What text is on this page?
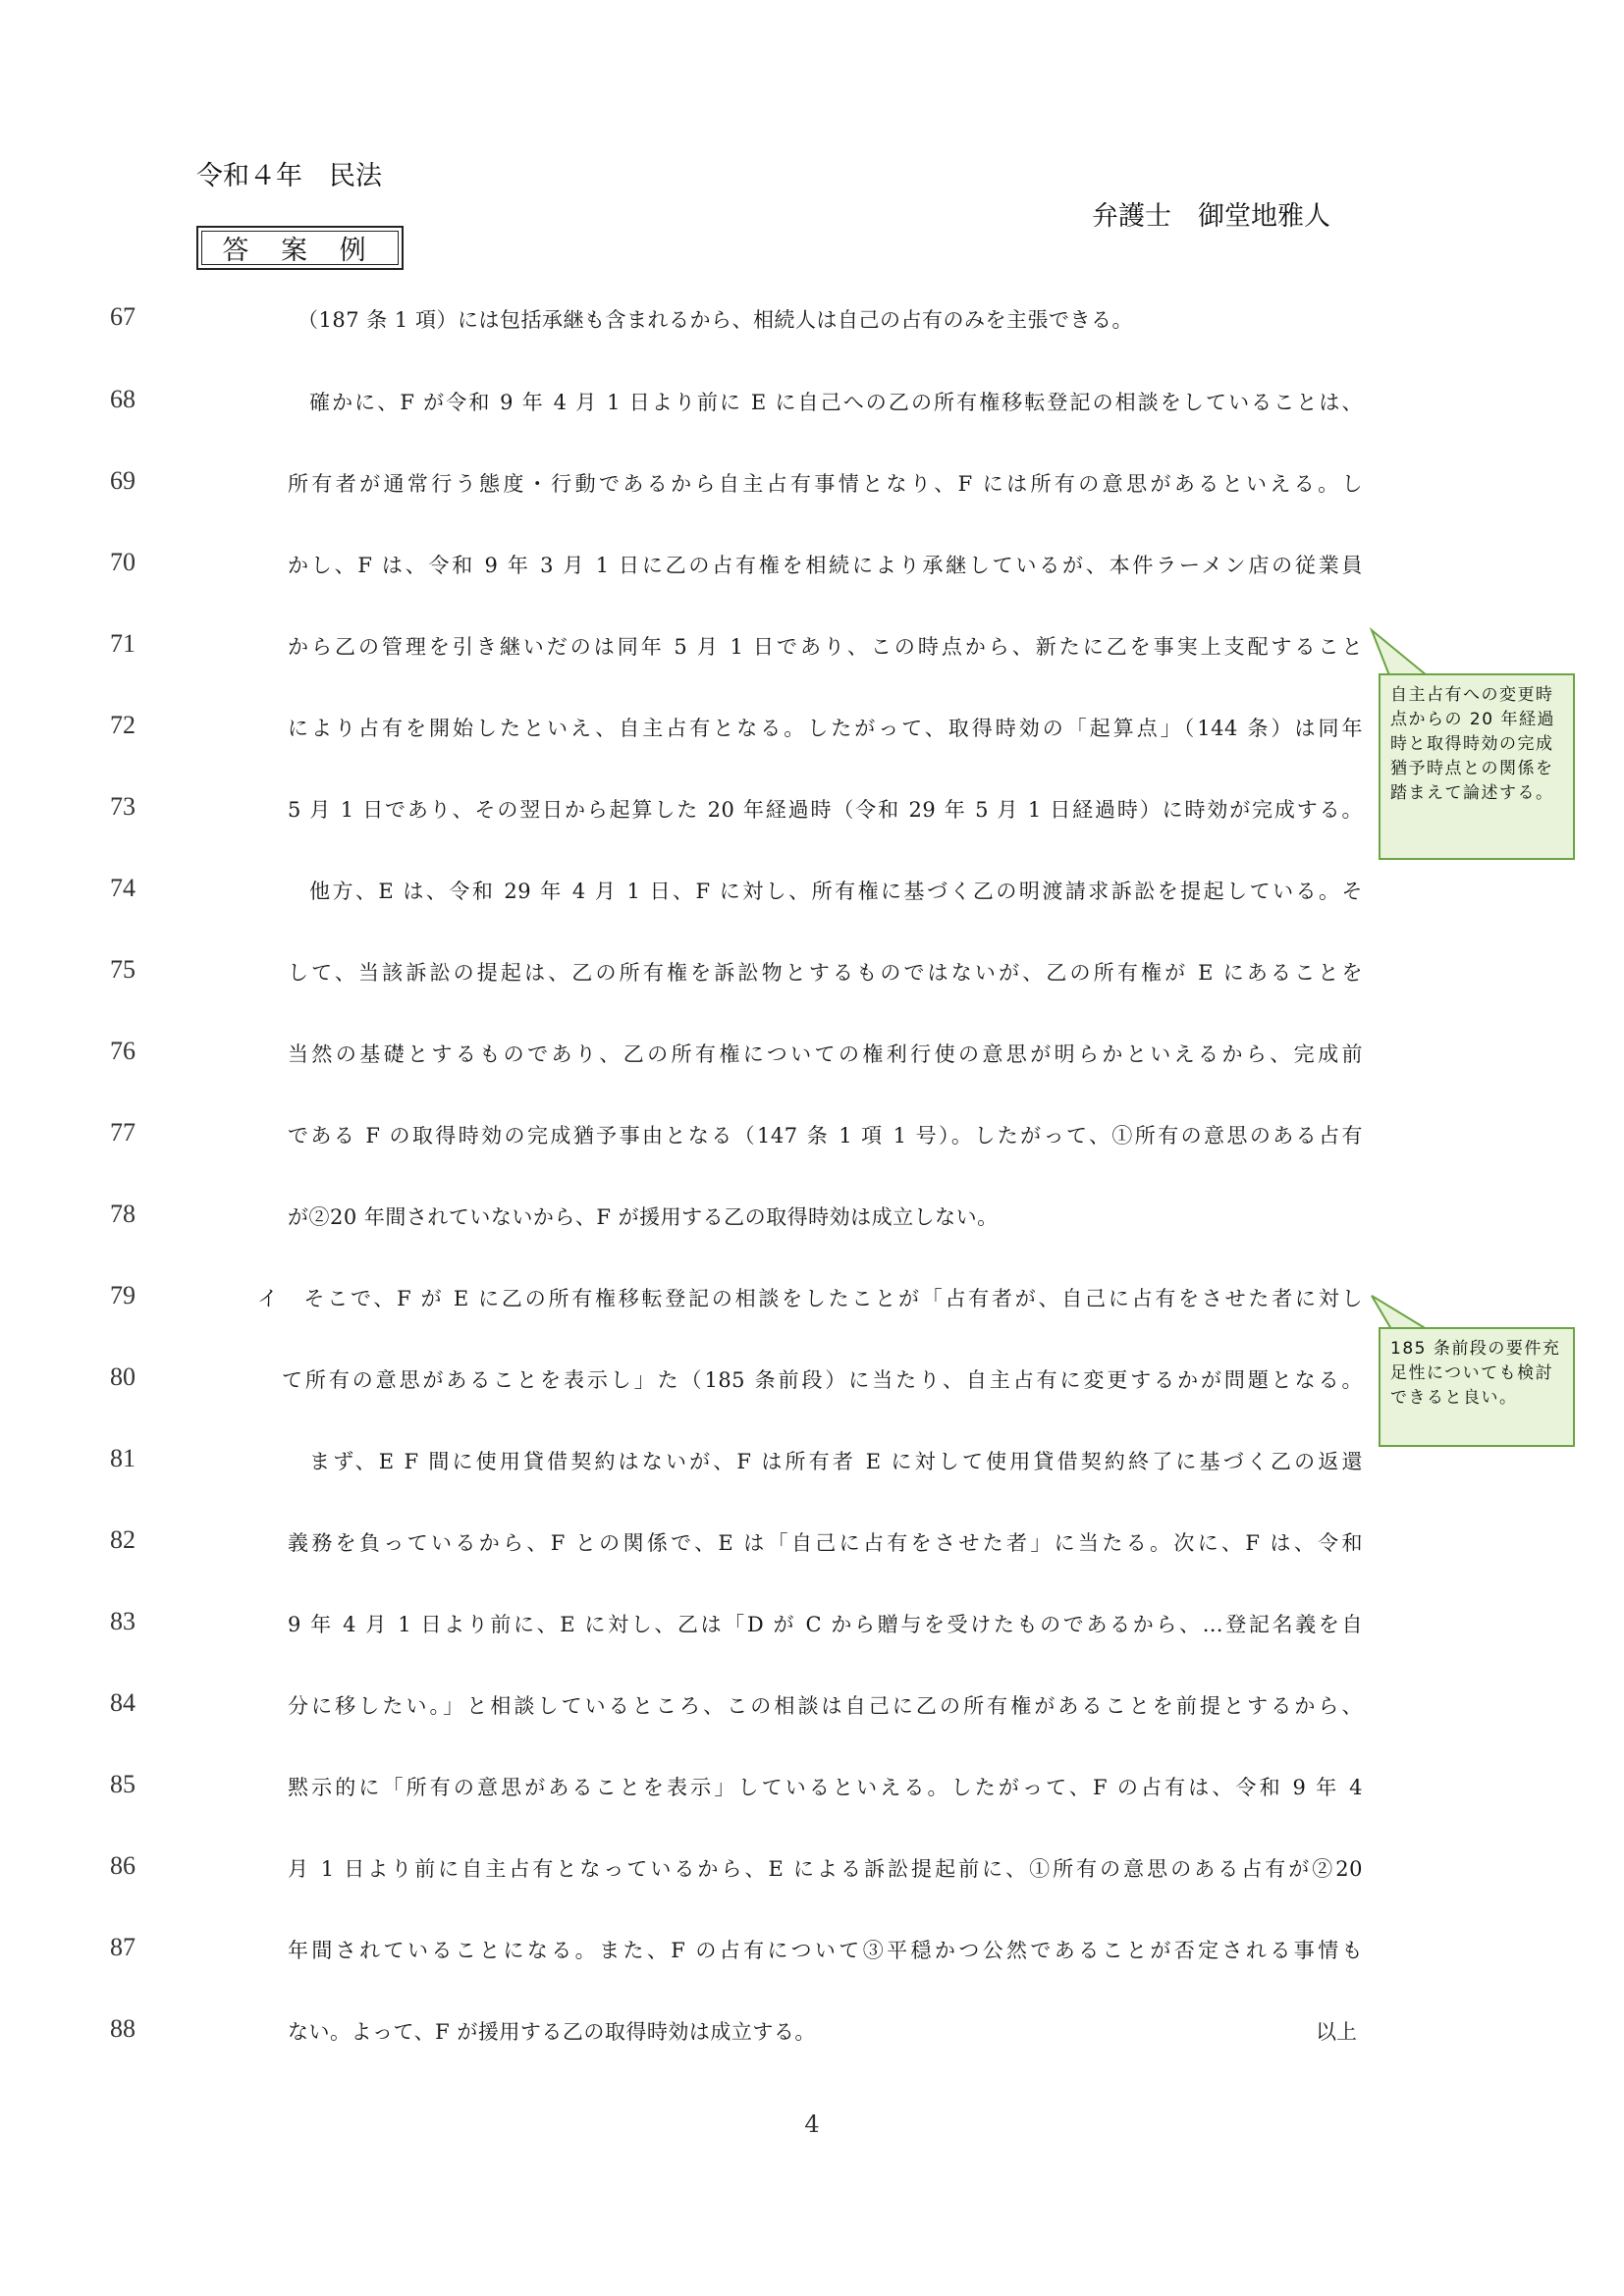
令和４年　民法
弁護士　御堂地雅人
答 案 例
67	（187 条 1 項）には包括承継も含まれるから、相続人は自己の占有のみを主張できる。
68	確かに、F が令和 9 年 4 月 1 日より前に E に自己への乙の所有権移転登記の相談をしていることは、
69	所有者が通常行う態度・行動であるから自主占有事情となり、F には所有の意思があるといえる。し
70	かし、F は、令和 9 年 3 月 1 日に乙の占有権を相続により承継しているが、本件ラーメン店の従業員
71	から乙の管理を引き継いだのは同年 5 月 1 日であり、この時点から、新たに乙を事実上支配すること
72	により占有を開始したといえ、自主占有となる。したがって、取得時効の「起算点」（144 条）は同年
73	5 月 1 日であり、その翌日から起算した 20 年経過時（令和 29 年 5 月 1 日経過時）に時効が完成する。
74	他方、E は、令和 29 年 4 月 1 日、F に対し、所有権に基づく乙の明渡請求訴訟を提起している。そ
75	して、当該訴訟の提起は、乙の所有権を訴訟物とするものではないが、乙の所有権が E にあることを
76	当然の基礎とするものであり、乙の所有権についての権利行使の意思が明らかといえるから、完成前
77	である F の取得時効の完成猶予事由となる（147 条 1 項 1 号）。したがって、①所有の意思のある占有
78	が②20 年間されていないから、F が援用する乙の取得時効は成立しない。
79	イ　そこで、F が E に乙の所有権移転登記の相談をしたことが「占有者が、自己に占有をさせた者に対し
80	て所有の意思があることを表示し」た（185 条前段）に当たり、自主占有に変更するかが問題となる。
81	まず、E F 間に使用貸借契約はないが、F は所有者 E に対して使用貸借契約終了に基づく乙の返還
82	義務を負っているから、F との関係で、E は「自己に占有をさせた者」に当たる。次に、F は、令和
83	9 年 4 月 1 日より前に、E に対し、乙は「D が C から贈与を受けたものであるから、…登記名義を自
84	分に移したい。」と相談しているところ、この相談は自己に乙の所有権があることを前提とするから、
85	黙示的に「所有の意思があることを表示」しているといえる。したがって、F の占有は、令和 9 年 4
86	月 1 日より前に自主占有となっているから、E による訴訟提起前に、①所有の意思のある占有が②20
87	年間されていることになる。また、F の占有について③平穏かつ公然であることが否定される事情も
88	ない。よって、F が援用する乙の取得時効は成立する。	以上
自主占有への変更時点からの 20 年経過時と取得時効の完成猶予時点との関係を踏まえて論述する。
185 条前段の要件充足性についても検討できると良い。
4
